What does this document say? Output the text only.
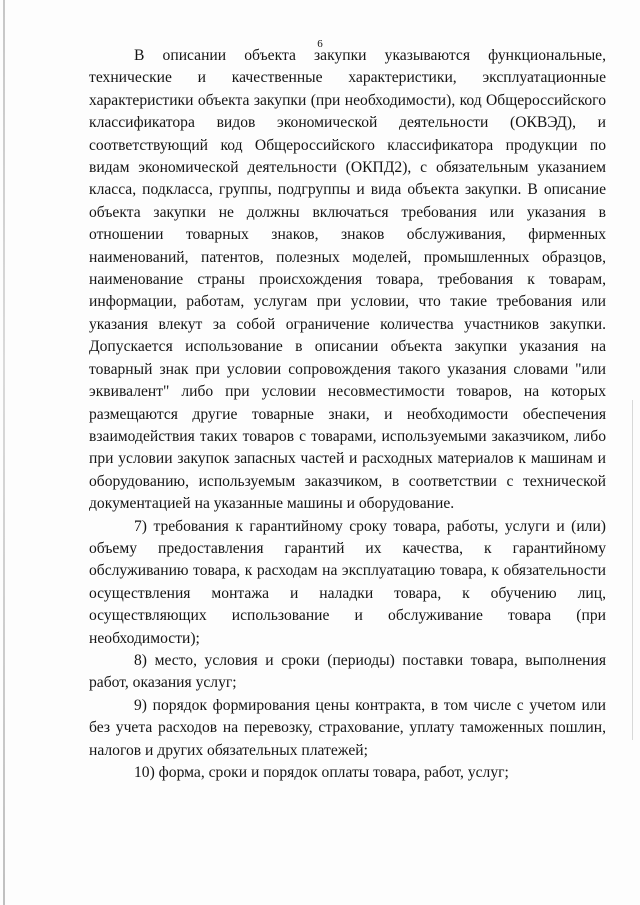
6

В описании объекта закупки указываются функциональные, технические и качественные характеристики, эксплуатационные характеристики объекта закупки (при необходимости), код Общероссийского классификатора видов экономической деятельности (ОКВЭД), и соответствующий код Общероссийского классификатора продукции по видам экономической деятельности (ОКПД2), с обязательным указанием класса, подкласса, группы, подгруппы и вида объекта закупки. В описание объекта закупки не должны включаться требования или указания в отношении товарных знаков, знаков обслуживания, фирменных наименований, патентов, полезных моделей, промышленных образцов, наименование страны происхождения товара, требования к товарам, информации, работам, услугам при условии, что такие требования или указания влекут за собой ограничение количества участников закупки. Допускается использование в описании объекта закупки указания на товарный знак при условии сопровождения такого указания словами "или эквивалент" либо при условии несовместимости товаров, на которых размещаются другие товарные знаки, и необходимости обеспечения взаимодействия таких товаров с товарами, используемыми заказчиком, либо при условии закупок запасных частей и расходных материалов к машинам и оборудованию, используемым заказчиком, в соответствии с технической документацией на указанные машины и оборудование.

7) требования к гарантийному сроку товара, работы, услуги и (или) объему предоставления гарантий их качества, к гарантийному обслуживанию товара, к расходам на эксплуатацию товара, к обязательности осуществления монтажа и наладки товара, к обучению лиц, осуществляющих использование и обслуживание товара (при необходимости);

8) место, условия и сроки (периоды) поставки товара, выполнения работ, оказания услуг;

9) порядок формирования цены контракта, в том числе с учетом или без учета расходов на перевозку, страхование, уплату таможенных пошлин, налогов и других обязательных платежей;

10) форма, сроки и порядок оплаты товара, работ, услуг;
